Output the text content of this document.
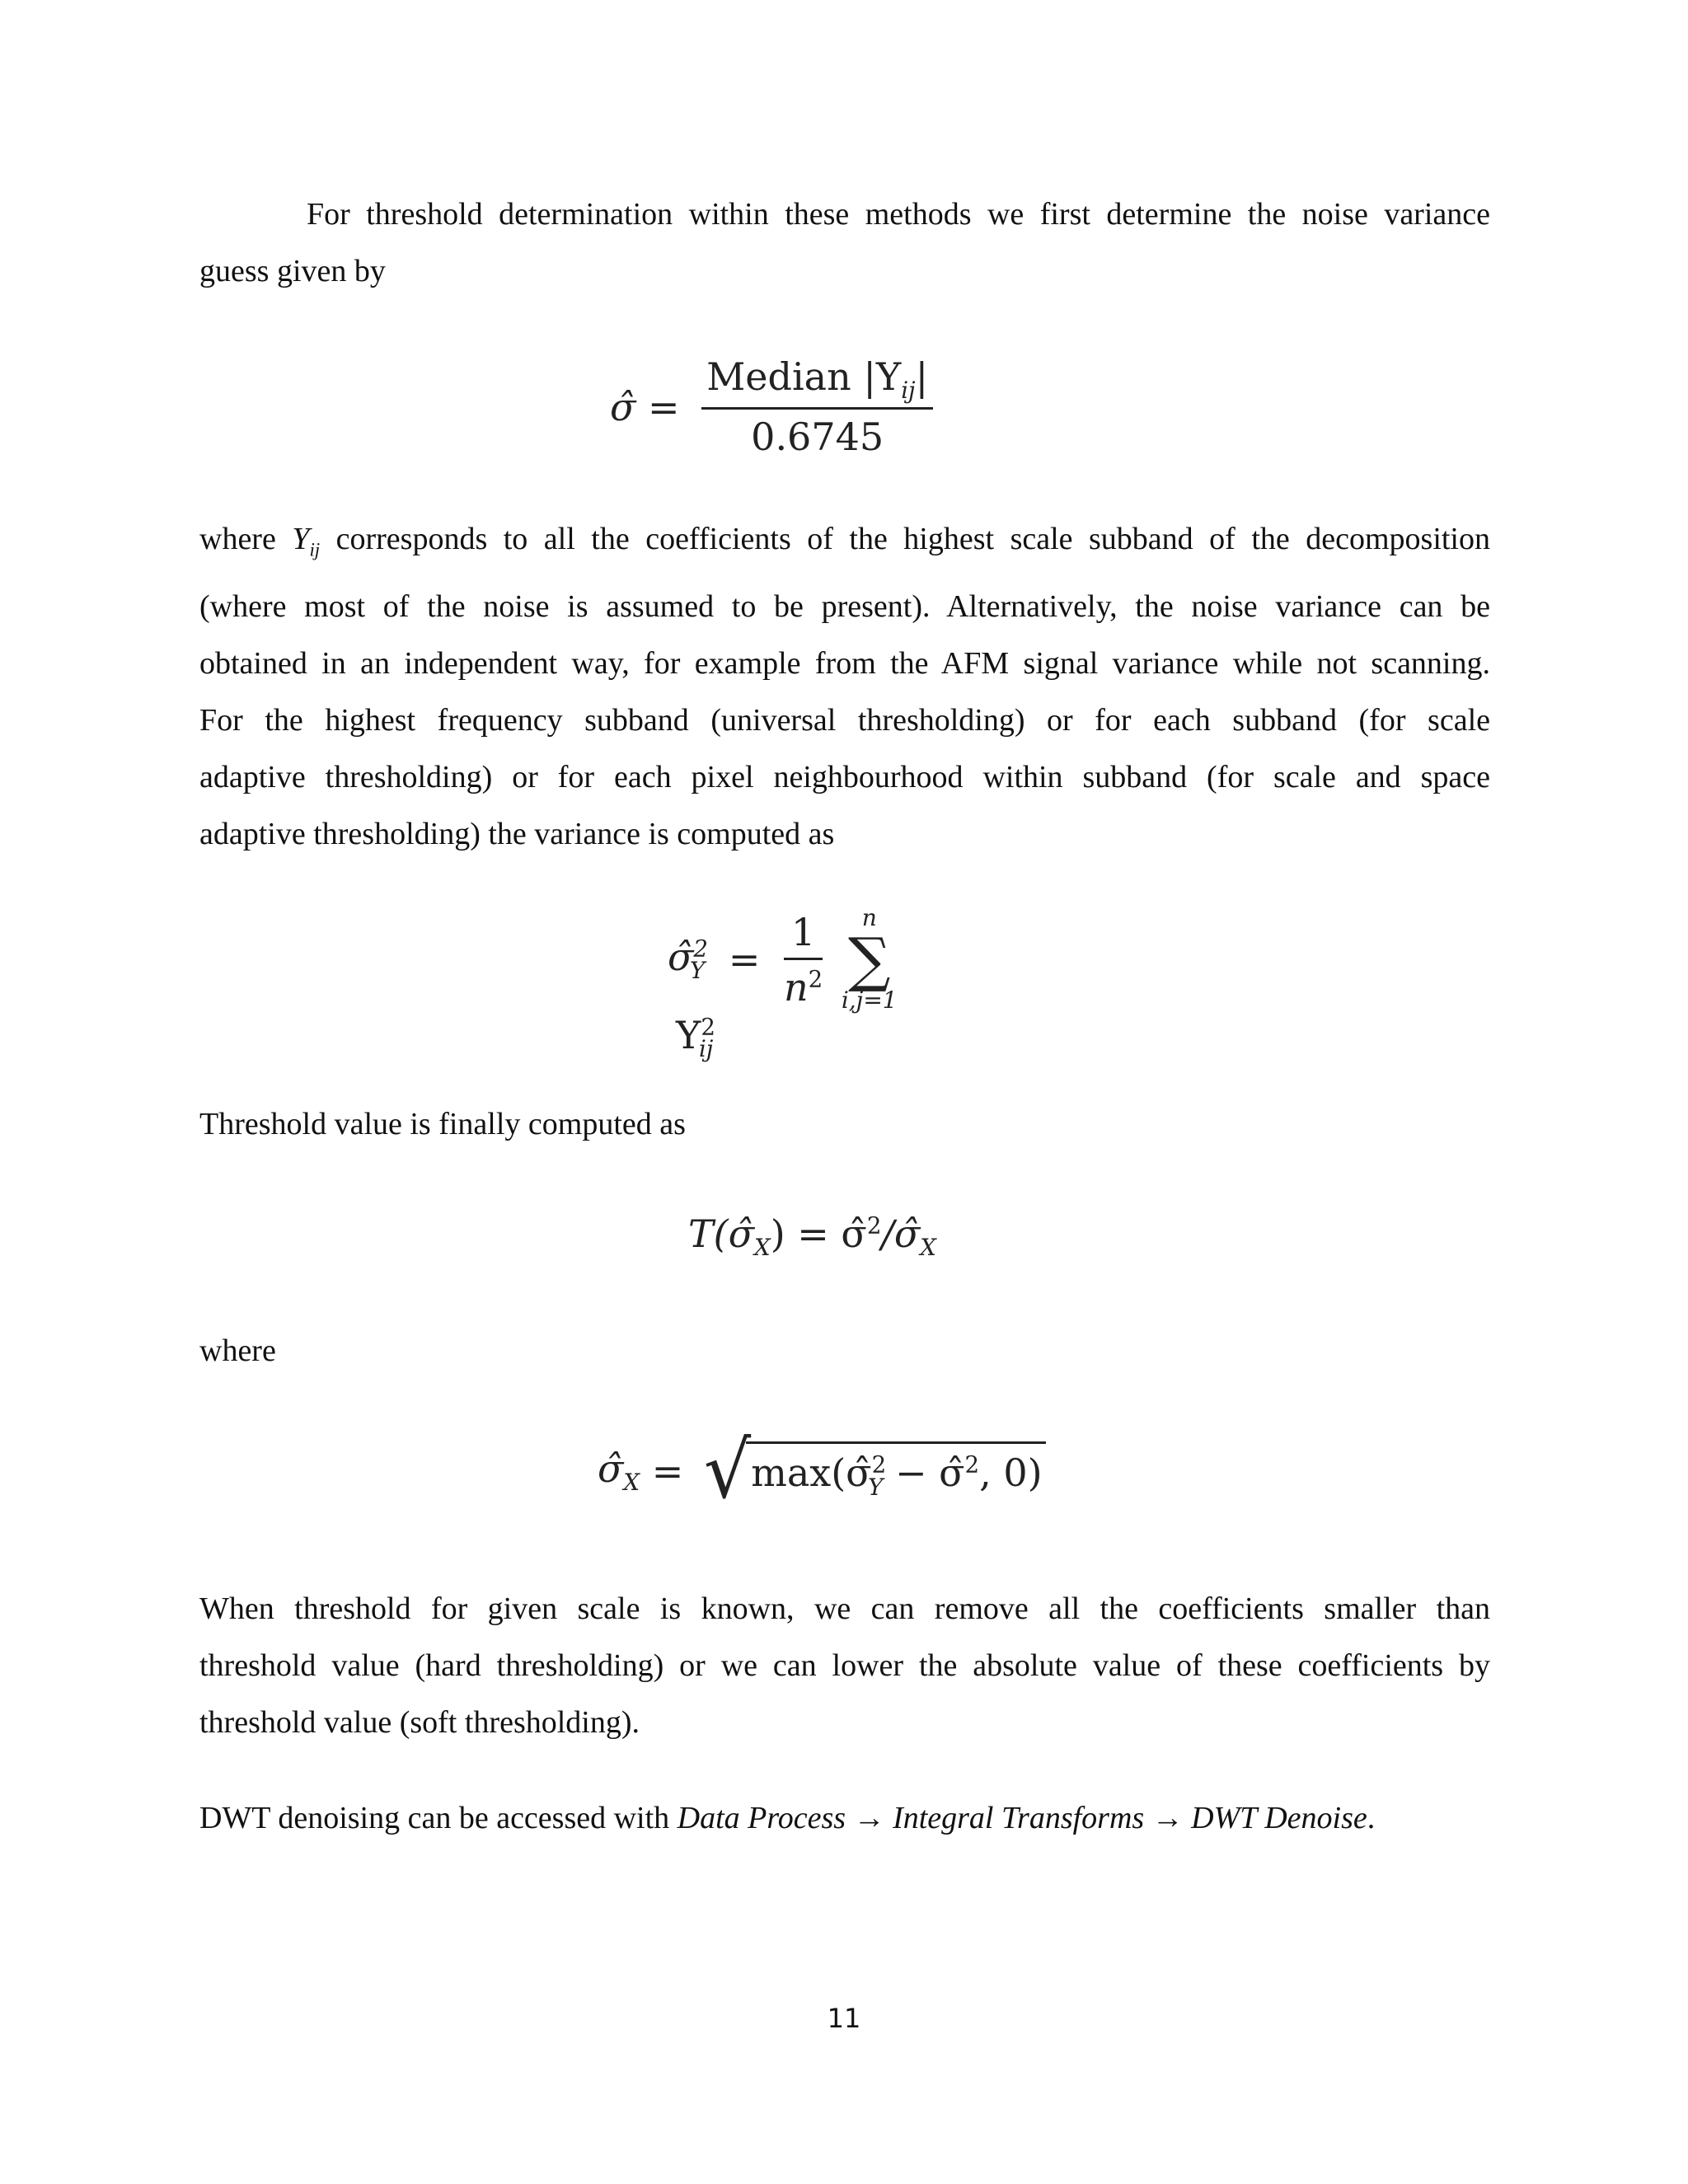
For threshold determination within these methods we first determine the noise variance
guess given by
σ̂ = $\frac{Median |Y_{ij}|}{0.6745}$
where $Y_{ij}$ corresponds to all the coefficients of the highest scale subband of the decomposition
(where most of the noise is assumed to be present). Alternatively, the noise variance can be
obtained in an independent way, for example from the AFM signal variance while not scanning.
For the highest frequency subband (universal thresholding) or for each subband (for scale
adaptive thresholding) or for each pixel neighbourhood within subband (for scale and space
adaptive thresholding) the variance is computed as
σ̂$^2_Y$ = $\frac{1}{n^2}$
	n
∑
i,j=1
$Y^2_{ij}$
Threshold value is finally computed as
$T(\sigmâ_X)$ = $\sigmâ^2/\sigmâ_X$
where
$\sigmâ_X$ = √max(σ̂$^2_Y$ − σ̂$^2$, 0)
When threshold for given scale is known, we can remove all the coefficients smaller than
threshold value (hard thresholding) or we can lower the absolute value of these coefficients by
threshold value (soft thresholding).
DWT denoising can be accessed with Data Process → Integral Transforms → DWT Denoise.
11
